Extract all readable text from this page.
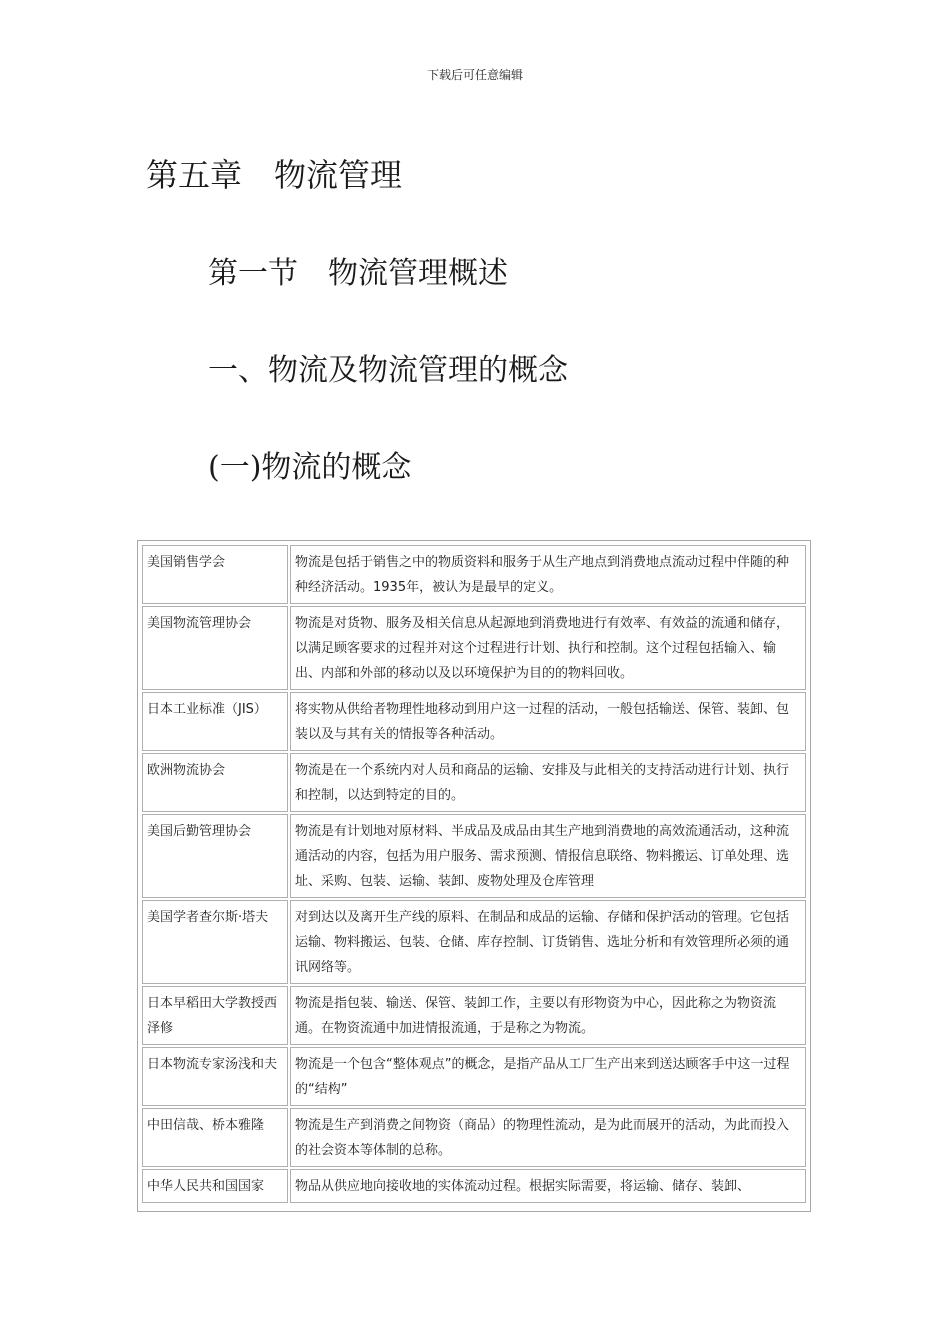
下载后可任意编辑
第五章　物流管理
第一节　物流管理概述
一、物流及物流管理的概念
(一)物流的概念
美国销售学会	物流是包括于销售之中的物质资料和服务于从生产地点到消费地点流动过程中伴随的种种经济活动。1935年，被认为是最早的定义。
美国物流管理协会	物流是对货物、服务及相关信息从起源地到消费地进行有效率、有效益的流通和储存，以满足顾客要求的过程并对这个过程进行计划、执行和控制。这个过程包括输入、输出、内部和外部的移动以及以环境保护为目的的物料回收。
日本工业标准（JIS）	将实物从供给者物理性地移动到用户这一过程的活动，一般包括输送、保管、装卸、包装以及与其有关的情报等各种活动。
欧洲物流协会	物流是在一个系统内对人员和商品的运输、安排及与此相关的支持活动进行计划、执行和控制，以达到特定的目的。
美国后勤管理协会	物流是有计划地对原材料、半成品及成品由其生产地到消费地的高效流通活动，这种流通活动的内容，包括为用户服务、需求预测、情报信息联络、物料搬运、订单处理、选址、采购、包装、运输、装卸、废物处理及仓库管理
美国学者查尔斯·塔夫	对到达以及离开生产线的原料、在制品和成品的运输、存储和保护活动的管理。它包括运输、物料搬运、包装、仓储、库存控制、订货销售、选址分析和有效管理所必须的通讯网络等。
日本早稻田大学教授西泽修	物流是指包装、输送、保管、装卸工作，主要以有形物资为中心，因此称之为物资流通。在物资流通中加进情报流通，于是称之为物流。
日本物流专家汤浅和夫	物流是一个包含“整体观点”的概念，是指产品从工厂生产出来到送达顾客手中这一过程的“结构”
中田信哉、桥本雅隆	物流是生产到消费之间物资（商品）的物理性流动，是为此而展开的活动，为此而投入的社会资本等体制的总称。
中华人民共和国国家	物品从供应地向接收地的实体流动过程。根据实际需要，将运输、储存、装卸、
